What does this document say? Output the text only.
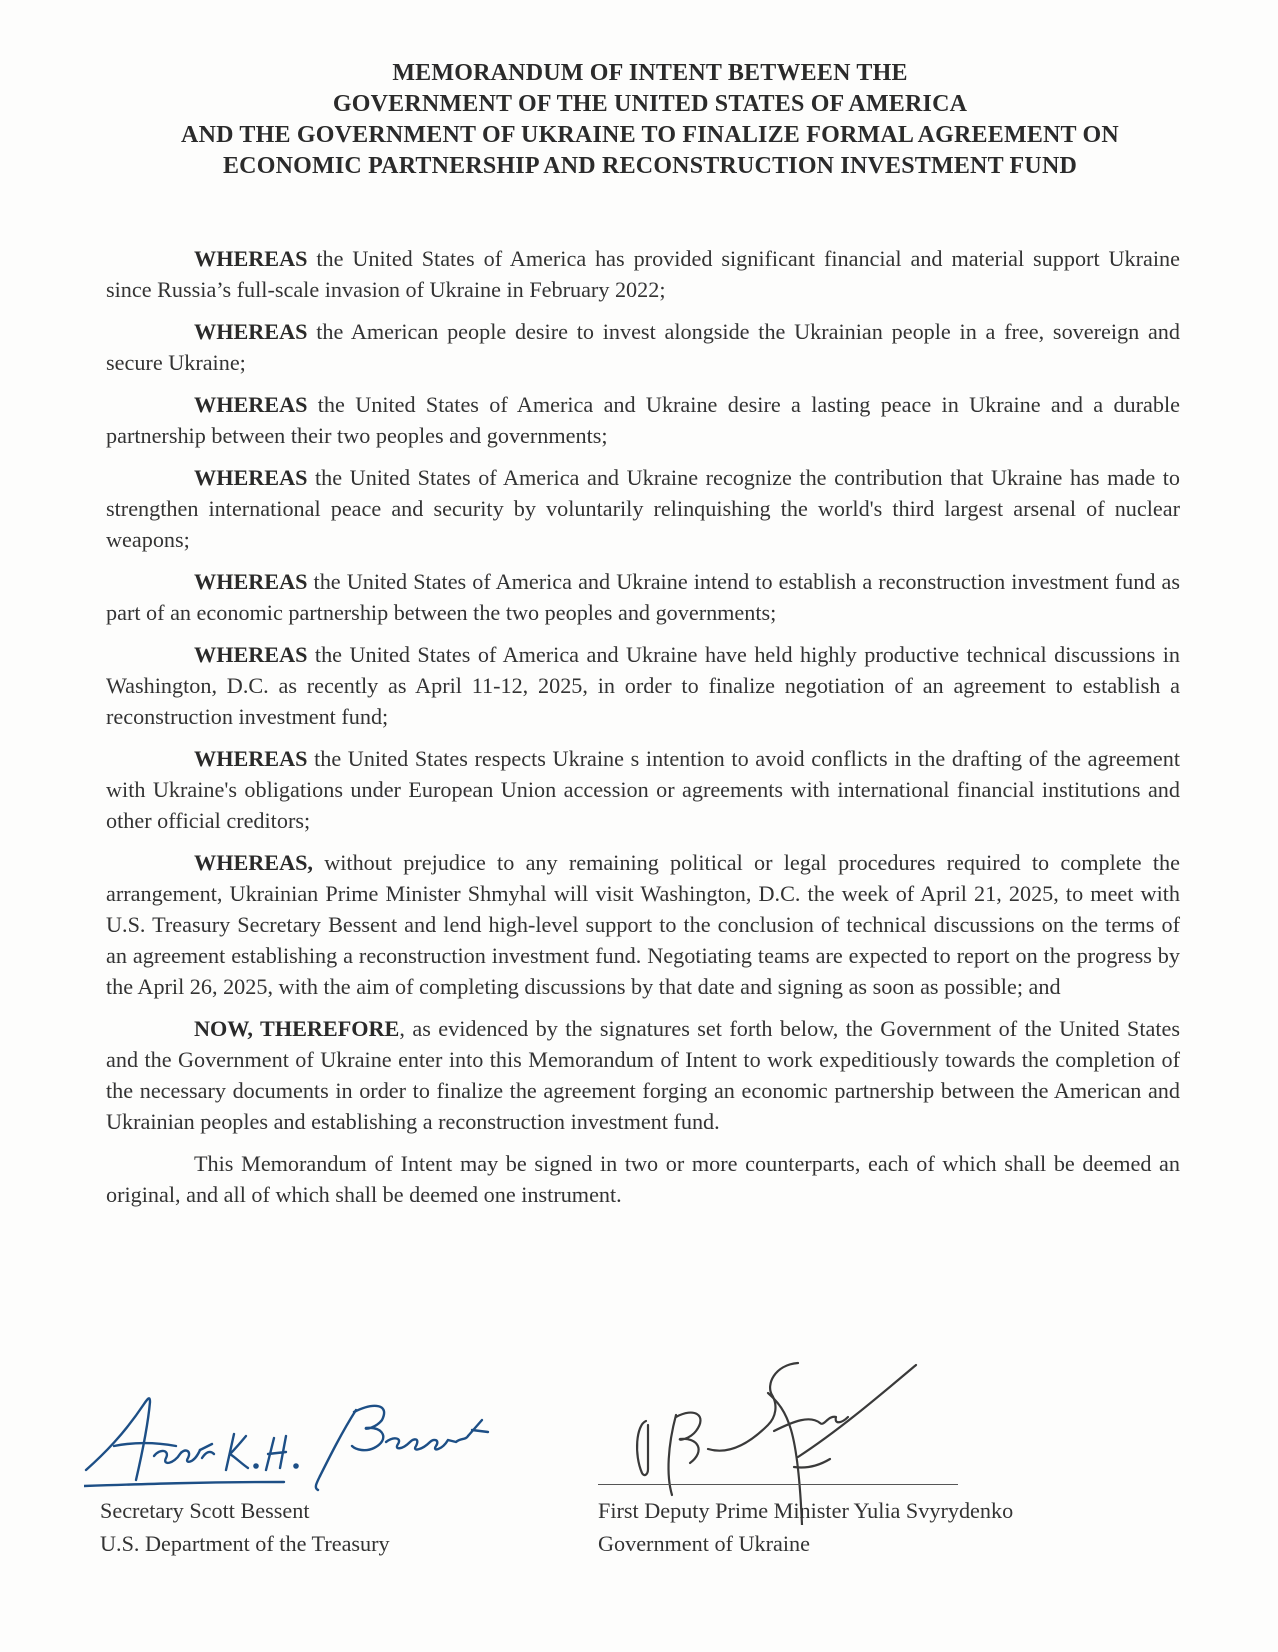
MEMORANDUM OF INTENT BETWEEN THE
GOVERNMENT OF THE UNITED STATES OF AMERICA
AND THE GOVERNMENT OF UKRAINE TO FINALIZE FORMAL AGREEMENT ON
ECONOMIC PARTNERSHIP AND RECONSTRUCTION INVESTMENT FUND

WHEREAS the United States of America has provided significant financial and material support Ukraine since Russia’s full-scale invasion of Ukraine in February 2022;

WHEREAS the American people desire to invest alongside the Ukrainian people in a free, sovereign and secure Ukraine;

WHEREAS the United States of America and Ukraine desire a lasting peace in Ukraine and a durable partnership between their two peoples and governments;

WHEREAS the United States of America and Ukraine recognize the contribution that Ukraine has made to strengthen international peace and security by voluntarily relinquishing the world's third largest arsenal of nuclear weapons;

WHEREAS the United States of America and Ukraine intend to establish a reconstruction investment fund as part of an economic partnership between the two peoples and governments;

WHEREAS the United States of America and Ukraine have held highly productive technical discussions in Washington, D.C. as recently as April 11-12, 2025, in order to finalize negotiation of an agreement to establish a reconstruction investment fund;

WHEREAS the United States respects Ukraine s intention to avoid conflicts in the drafting of the agreement with Ukraine's obligations under European Union accession or agreements with international financial institutions and other official creditors;

WHEREAS, without prejudice to any remaining political or legal procedures required to complete the arrangement, Ukrainian Prime Minister Shmyhal will visit Washington, D.C. the week of April 21, 2025, to meet with U.S. Treasury Secretary Bessent and lend high-level support to the conclusion of technical discussions on the terms of an agreement establishing a reconstruction investment fund. Negotiating teams are expected to report on the progress by the April 26, 2025, with the aim of completing discussions by that date and signing as soon as possible; and

NOW, THEREFORE, as evidenced by the signatures set forth below, the Government of the United States and the Government of Ukraine enter into this Memorandum of Intent to work expeditiously towards the completion of the necessary documents in order to finalize the agreement forging an economic partnership between the American and Ukrainian peoples and establishing a reconstruction investment fund.

This Memorandum of Intent may be signed in two or more counterparts, each of which shall be deemed an original, and all of which shall be deemed one instrument.

Secretary Scott Bessent
U.S. Department of the Treasury
First Deputy Prime Minister Yulia Svyrydenko
Government of Ukraine
